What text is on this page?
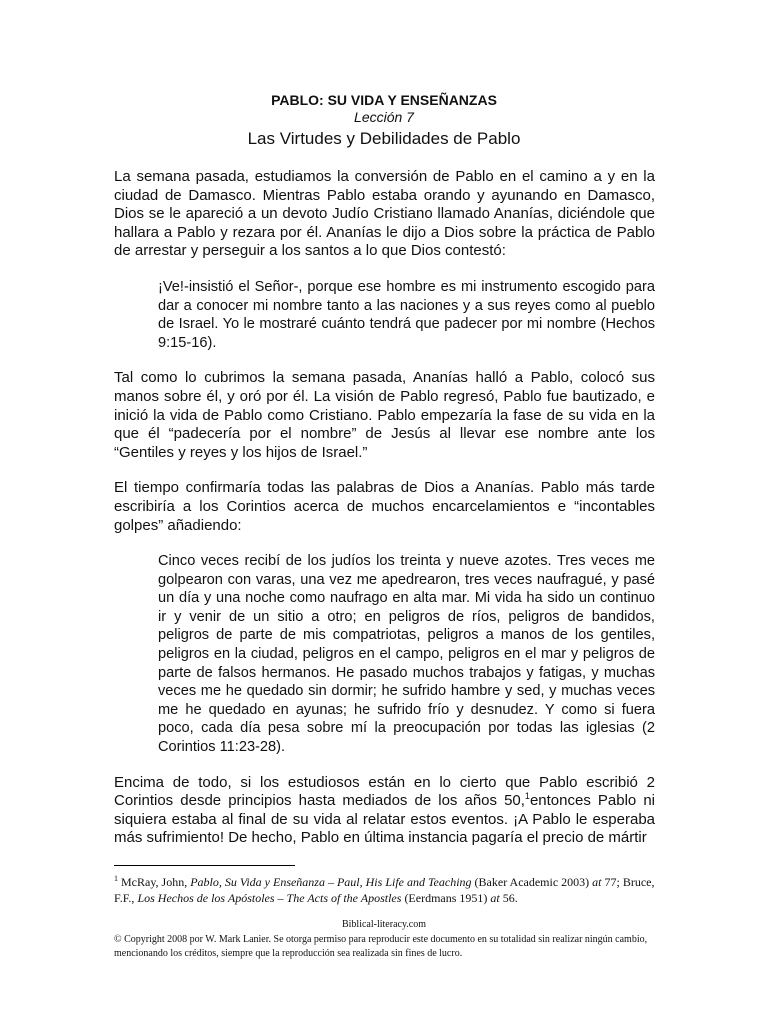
PABLO: SU VIDA Y ENSEÑANZAS
Lección 7
Las Virtudes y Debilidades de Pablo

La semana pasada, estudiamos la conversión de Pablo en el camino a y en la ciudad de Damasco. Mientras Pablo estaba orando y ayunando en Damasco, Dios se le apareció a un devoto Judío Cristiano llamado Ananías, diciéndole que hallara a Pablo y rezara por él. Ananías le dijo a Dios sobre la práctica de Pablo de arrestar y perseguir a los santos a lo que Dios contestó:

¡Ve!-insistió el Señor-, porque ese hombre es mi instrumento escogido para dar a conocer mi nombre tanto a las naciones y a sus reyes como al pueblo de Israel. Yo le mostraré cuánto tendrá que padecer por mi nombre (Hechos 9:15-16).

Tal como lo cubrimos la semana pasada, Ananías halló a Pablo, colocó sus manos sobre él, y oró por él. La visión de Pablo regresó, Pablo fue bautizado, e inició la vida de Pablo como Cristiano. Pablo empezaría la fase de su vida en la que él “padecería por el nombre” de Jesús al llevar ese nombre ante los “Gentiles y reyes y los hijos de Israel.”

El tiempo confirmaría todas las palabras de Dios a Ananías. Pablo más tarde escribiría a los Corintios acerca de muchos encarcelamientos e “incontables golpes” añadiendo:

Cinco veces recibí de los judíos los treinta y nueve azotes. Tres veces me golpearon con varas, una vez me apedrearon, tres veces naufragué, y pasé un día y una noche como naufrago en alta mar. Mi vida ha sido un continuo ir y venir de un sitio a otro; en peligros de ríos, peligros de bandidos, peligros de parte de mis compatriotas, peligros a manos de los gentiles, peligros en la ciudad, peligros en el campo, peligros en el mar y peligros de parte de falsos hermanos. He pasado muchos trabajos y fatigas, y muchas veces me he quedado sin dormir; he sufrido hambre y sed, y muchas veces me he quedado en ayunas; he sufrido frío y desnudez. Y como si fuera poco, cada día pesa sobre mí la preocupación por todas las iglesias (2 Corintios 11:23-28).

Encima de todo, si los estudiosos están en lo cierto que Pablo escribió 2 Corintios desde principios hasta mediados de los años 50,$^1$entonces Pablo ni siquiera estaba al final de su vida al relatar estos eventos. ¡A Pablo le esperaba más sufrimiento! De hecho, Pablo en última instancia pagaría el precio de mártir

$^1$ McRay, John, Pablo, Su Vida y Enseñanza – Paul, His Life and Teaching (Baker Academic 2003) at 77; Bruce, F.F., Los Hechos de los Apóstoles – The Acts of the Apostles (Eerdmans 1951) at 56.
Biblical-literacy.com
© Copyright 2008 por W. Mark Lanier. Se otorga permiso para reproducir este documento en su totalidad sin realizar ningún cambio, mencionando los créditos, siempre que la reproducción sea realizada sin fines de lucro.
